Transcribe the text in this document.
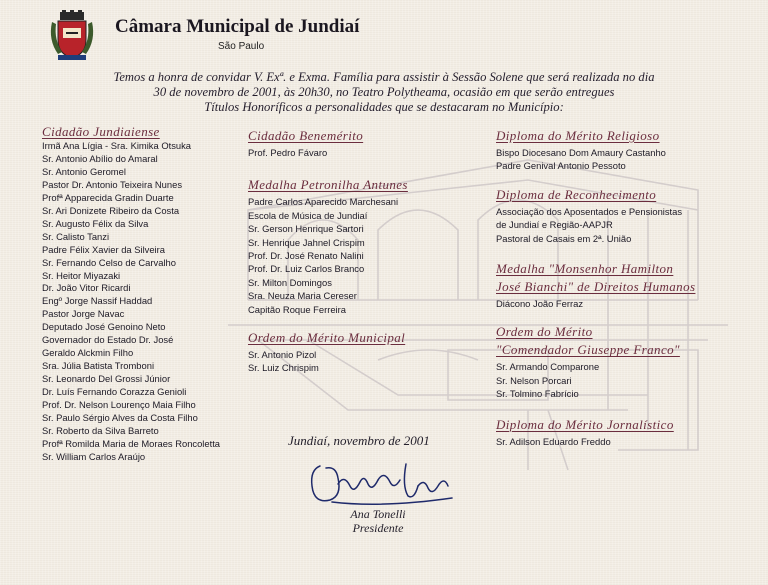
Câmara Municipal de Jundiaí
São Paulo
Temos a honra de convidar V. Exª. e Exma. Família para assistir à Sessão Solene que será realizada no dia
30 de novembro de 2001, às 20h30, no Teatro Polytheama, ocasião em que serão entregues
Títulos Honoríficos a personalidades que se destacaram no Município:
Cidadão Jundiaiense
Irmã Ana Lígia - Sra. Kimika Otsuka
Sr. Antonio Abílio do Amaral
Sr. Antonio Geromel
Pastor Dr. Antonio Teixeira Nunes
Profª Apparecida Gradin Duarte
Sr. Ari Donizete Ribeiro da Costa
Sr. Augusto Félix da Silva
Sr. Calisto Tanzi
Padre Félix Xavier da Silveira
Sr. Fernando Celso de Carvalho
Sr. Heitor Miyazaki
Dr. João Vitor Ricardi
Engº Jorge Nassif Haddad
Pastor Jorge Navac
Deputado José Genoino Neto
Governador do Estado Dr. José
Geraldo Alckmin Filho
Sra. Júlia Batista Tromboni
Sr. Leonardo Del Grossi Júnior
Dr. Luís Fernando Corazza Genioli
Prof. Dr. Nelson Lourenço Maia Filho
Sr. Paulo Sérgio Alves da Costa Filho
Sr. Roberto da Silva Barreto
Profª Romilda Maria de Moraes Roncoletta
Sr. William Carlos Araújo
Cidadão Benemérito
Prof. Pedro Fávaro
Medalha Petronilha Antunes
Padre Carlos Aparecido Marchesani
Escola de Música de Jundiaí
Sr. Gerson Henrique Sartori
Sr. Henrique Jahnel Crispim
Prof. Dr. José Renato Nalini
Prof. Dr. Luiz Carlos Branco
Sr. Milton Domingos
Sra. Neuza Maria Cereser
Capitão Roque Ferreira
Ordem do Mérito Municipal
Sr. Antonio Pizol
Sr. Luiz Chrispim
Diploma do Mérito Religioso
Bispo Diocesano Dom Amaury Castanho
Padre Genival Antonio Pessoto
Diploma de Reconhecimento
Associação dos Aposentados e Pensionistas
de Jundiaí e Região-AAPJR
Pastoral de Casais em 2ª. União
Medalha "Monsenhor Hamilton
José Bianchi" de Direitos Humanos
Diácono João Ferraz
Ordem do Mérito
"Comendador Giuseppe Franco"
Sr. Armando Comparone
Sr. Nelson Porcari
Sr. Tolmino Fabrício
Diploma do Mérito Jornalístico
Sr. Adilson Eduardo Freddo
Jundiaí, novembro de 2001
Ana Tonelli
Presidente
